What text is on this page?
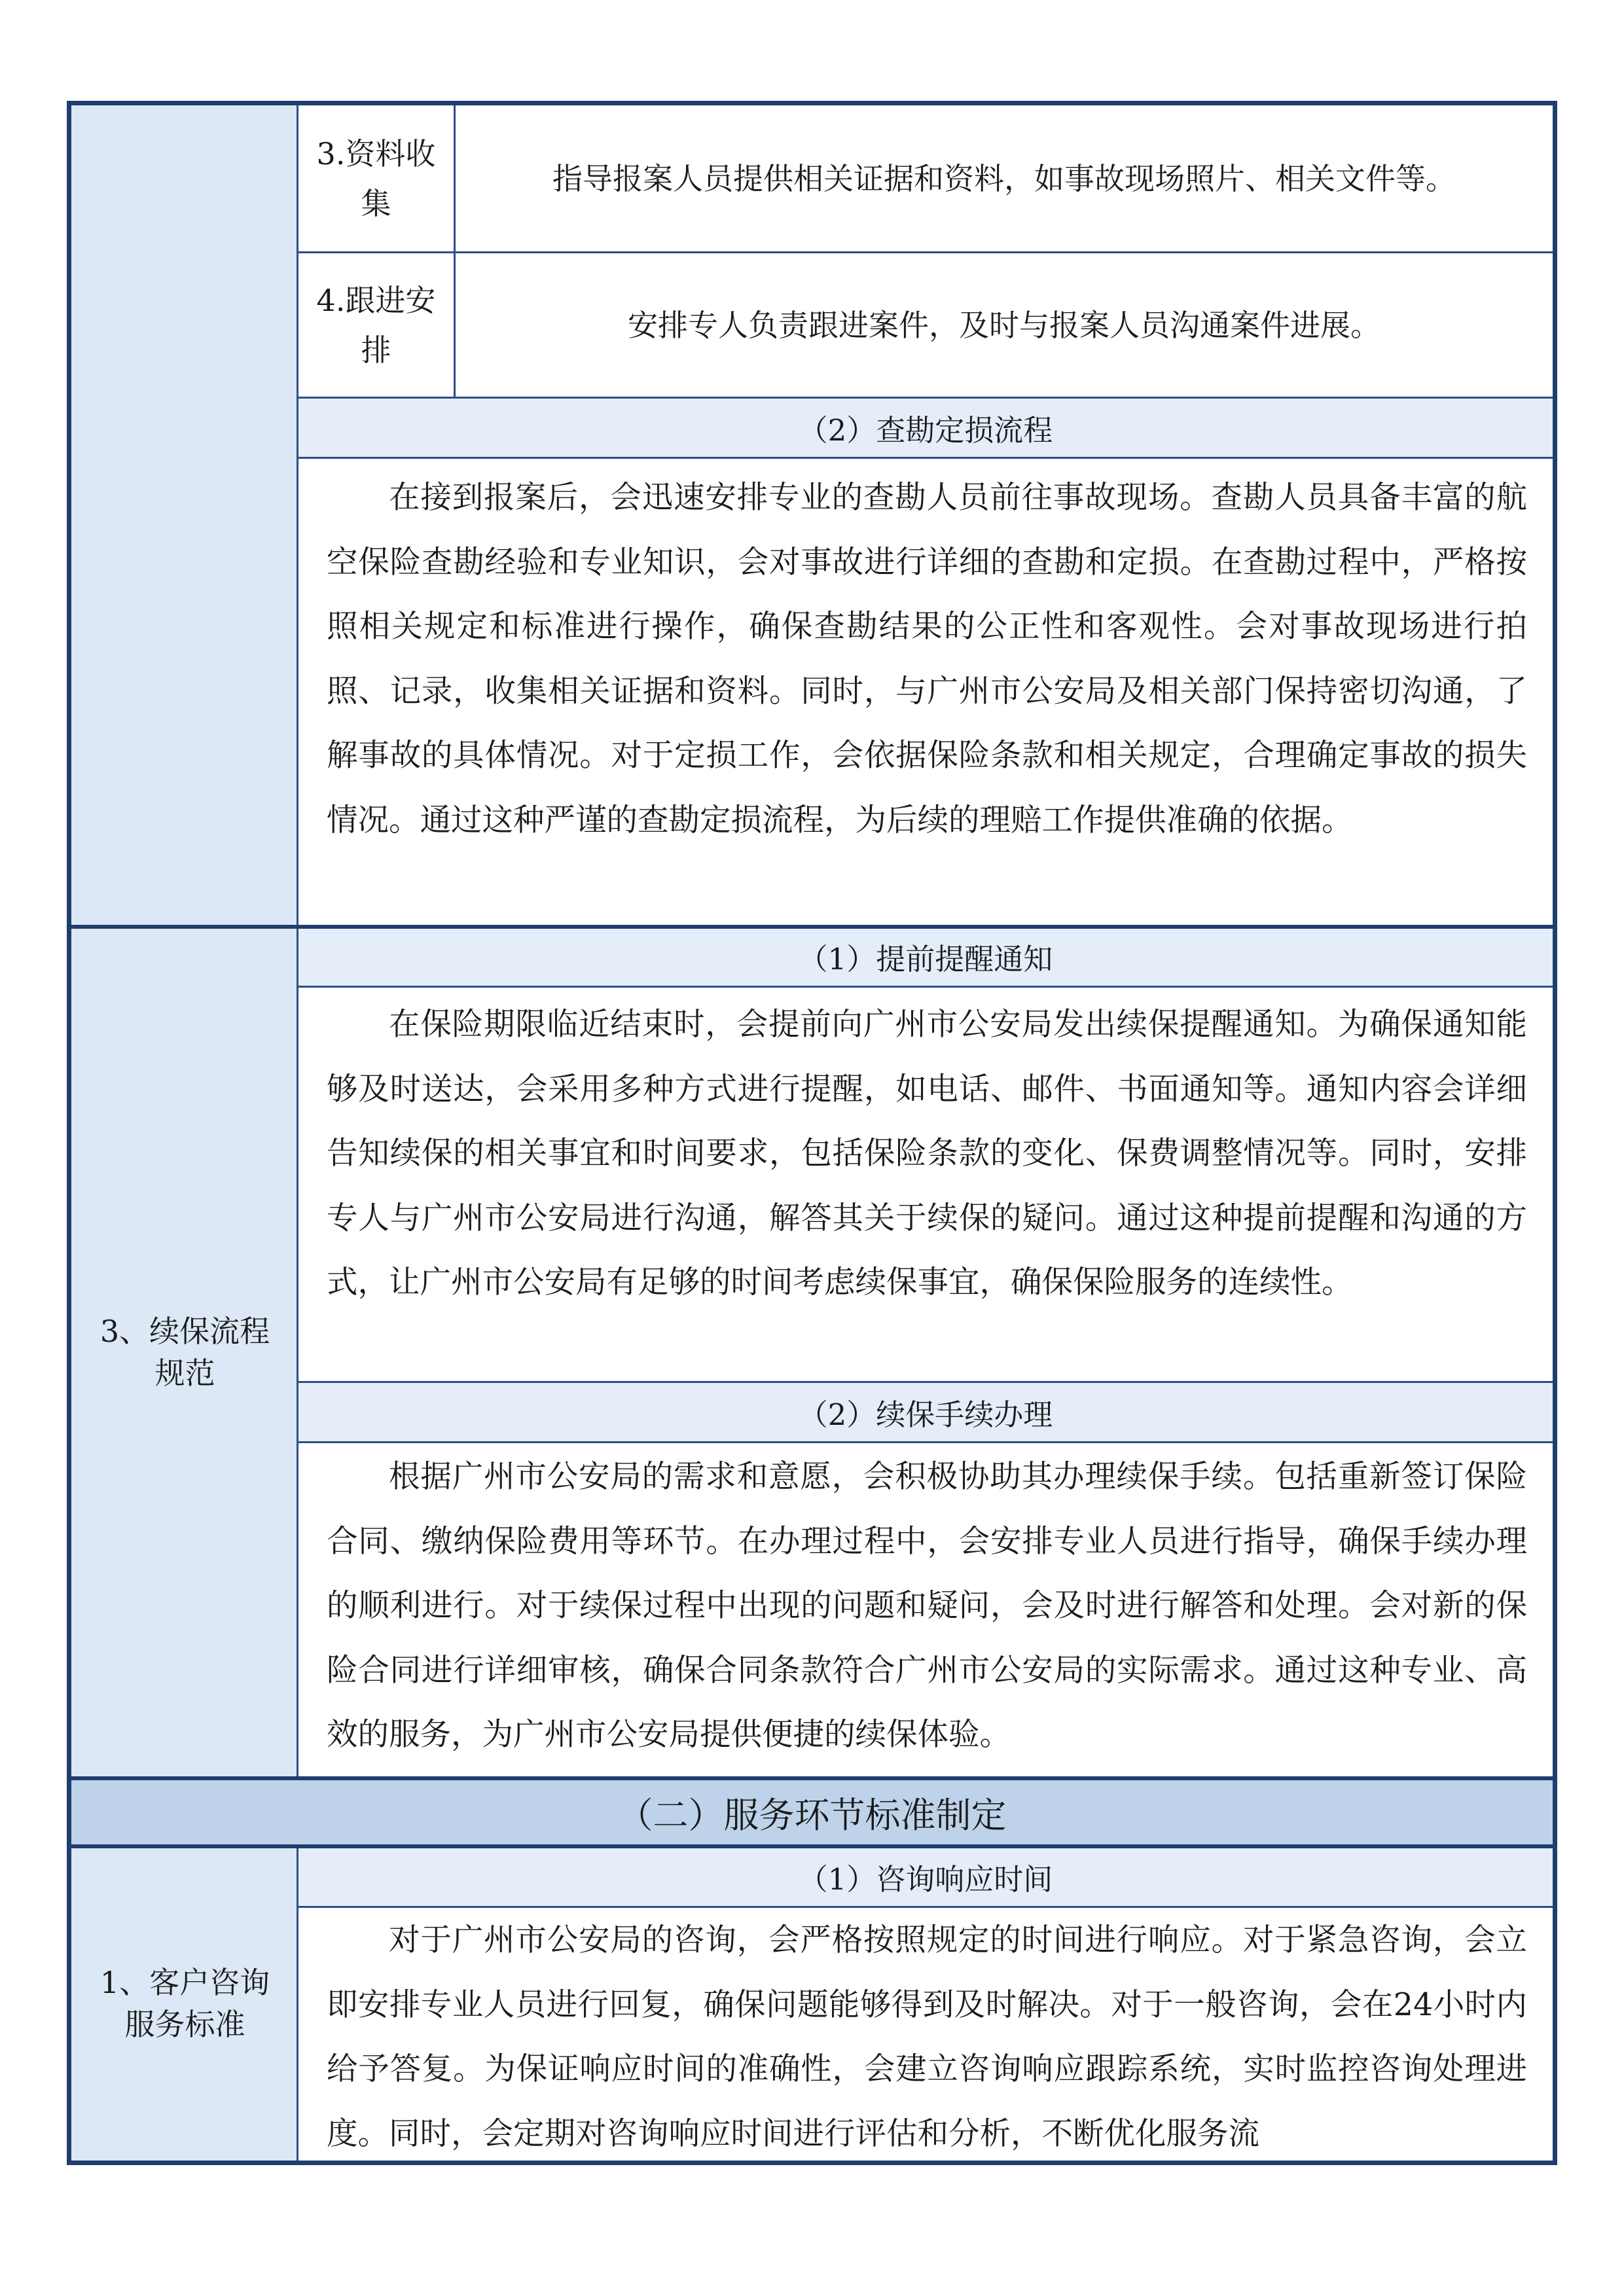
3.资料收集
指导报案人员提供相关证据和资料，如事故现场照片、相关文件等。
4.跟进安排
安排专人负责跟进案件，及时与报案人员沟通案件进展。
（2）查勘定损流程

在接到报案后，会迅速安排专业的查勘人员前往事故现场。查勘人员具备丰富的航空保险查勘经验和专业知识，会对事故进行详细的查勘和定损。在查勘过程中，严格按照相关规定和标准进行操作，确保查勘结果的公正性和客观性。会对事故现场进行拍照、记录，收集相关证据和资料。同时，与广州市公安局及相关部门保持密切沟通，了解事故的具体情况。对于定损工作，会依据保险条款和相关规定，合理确定事故的损失情况。通过这种严谨的查勘定损流程，为后续的理赔工作提供准确的依据。

3、续保流程规范
（1）提前提醒通知

在保险期限临近结束时，会提前向广州市公安局发出续保提醒通知。为确保通知能够及时送达，会采用多种方式进行提醒，如电话、邮件、书面通知等。通知内容会详细告知续保的相关事宜和时间要求，包括保险条款的变化、保费调整情况等。同时，安排专人与广州市公安局进行沟通，解答其关于续保的疑问。通过这种提前提醒和沟通的方式，让广州市公安局有足够的时间考虑续保事宜，确保保险服务的连续性。

（2）续保手续办理

根据广州市公安局的需求和意愿，会积极协助其办理续保手续。包括重新签订保险合同、缴纳保险费用等环节。在办理过程中，会安排专业人员进行指导，确保手续办理的顺利进行。对于续保过程中出现的问题和疑问，会及时进行解答和处理。会对新的保险合同进行详细审核，确保合同条款符合广州市公安局的实际需求。通过这种专业、高效的服务，为广州市公安局提供便捷的续保体验。

（二）服务环节标准制定
1、客户咨询服务标准
（1）咨询响应时间

对于广州市公安局的咨询，会严格按照规定的时间进行响应。对于紧急咨询，会立即安排专业人员进行回复，确保问题能够得到及时解决。对于一般咨询，会在24小时内给予答复。为保证响应时间的准确性，会建立咨询响应跟踪系统，实时监控咨询处理进度。同时，会定期对咨询响应时间进行评估和分析，不断优化服务流
